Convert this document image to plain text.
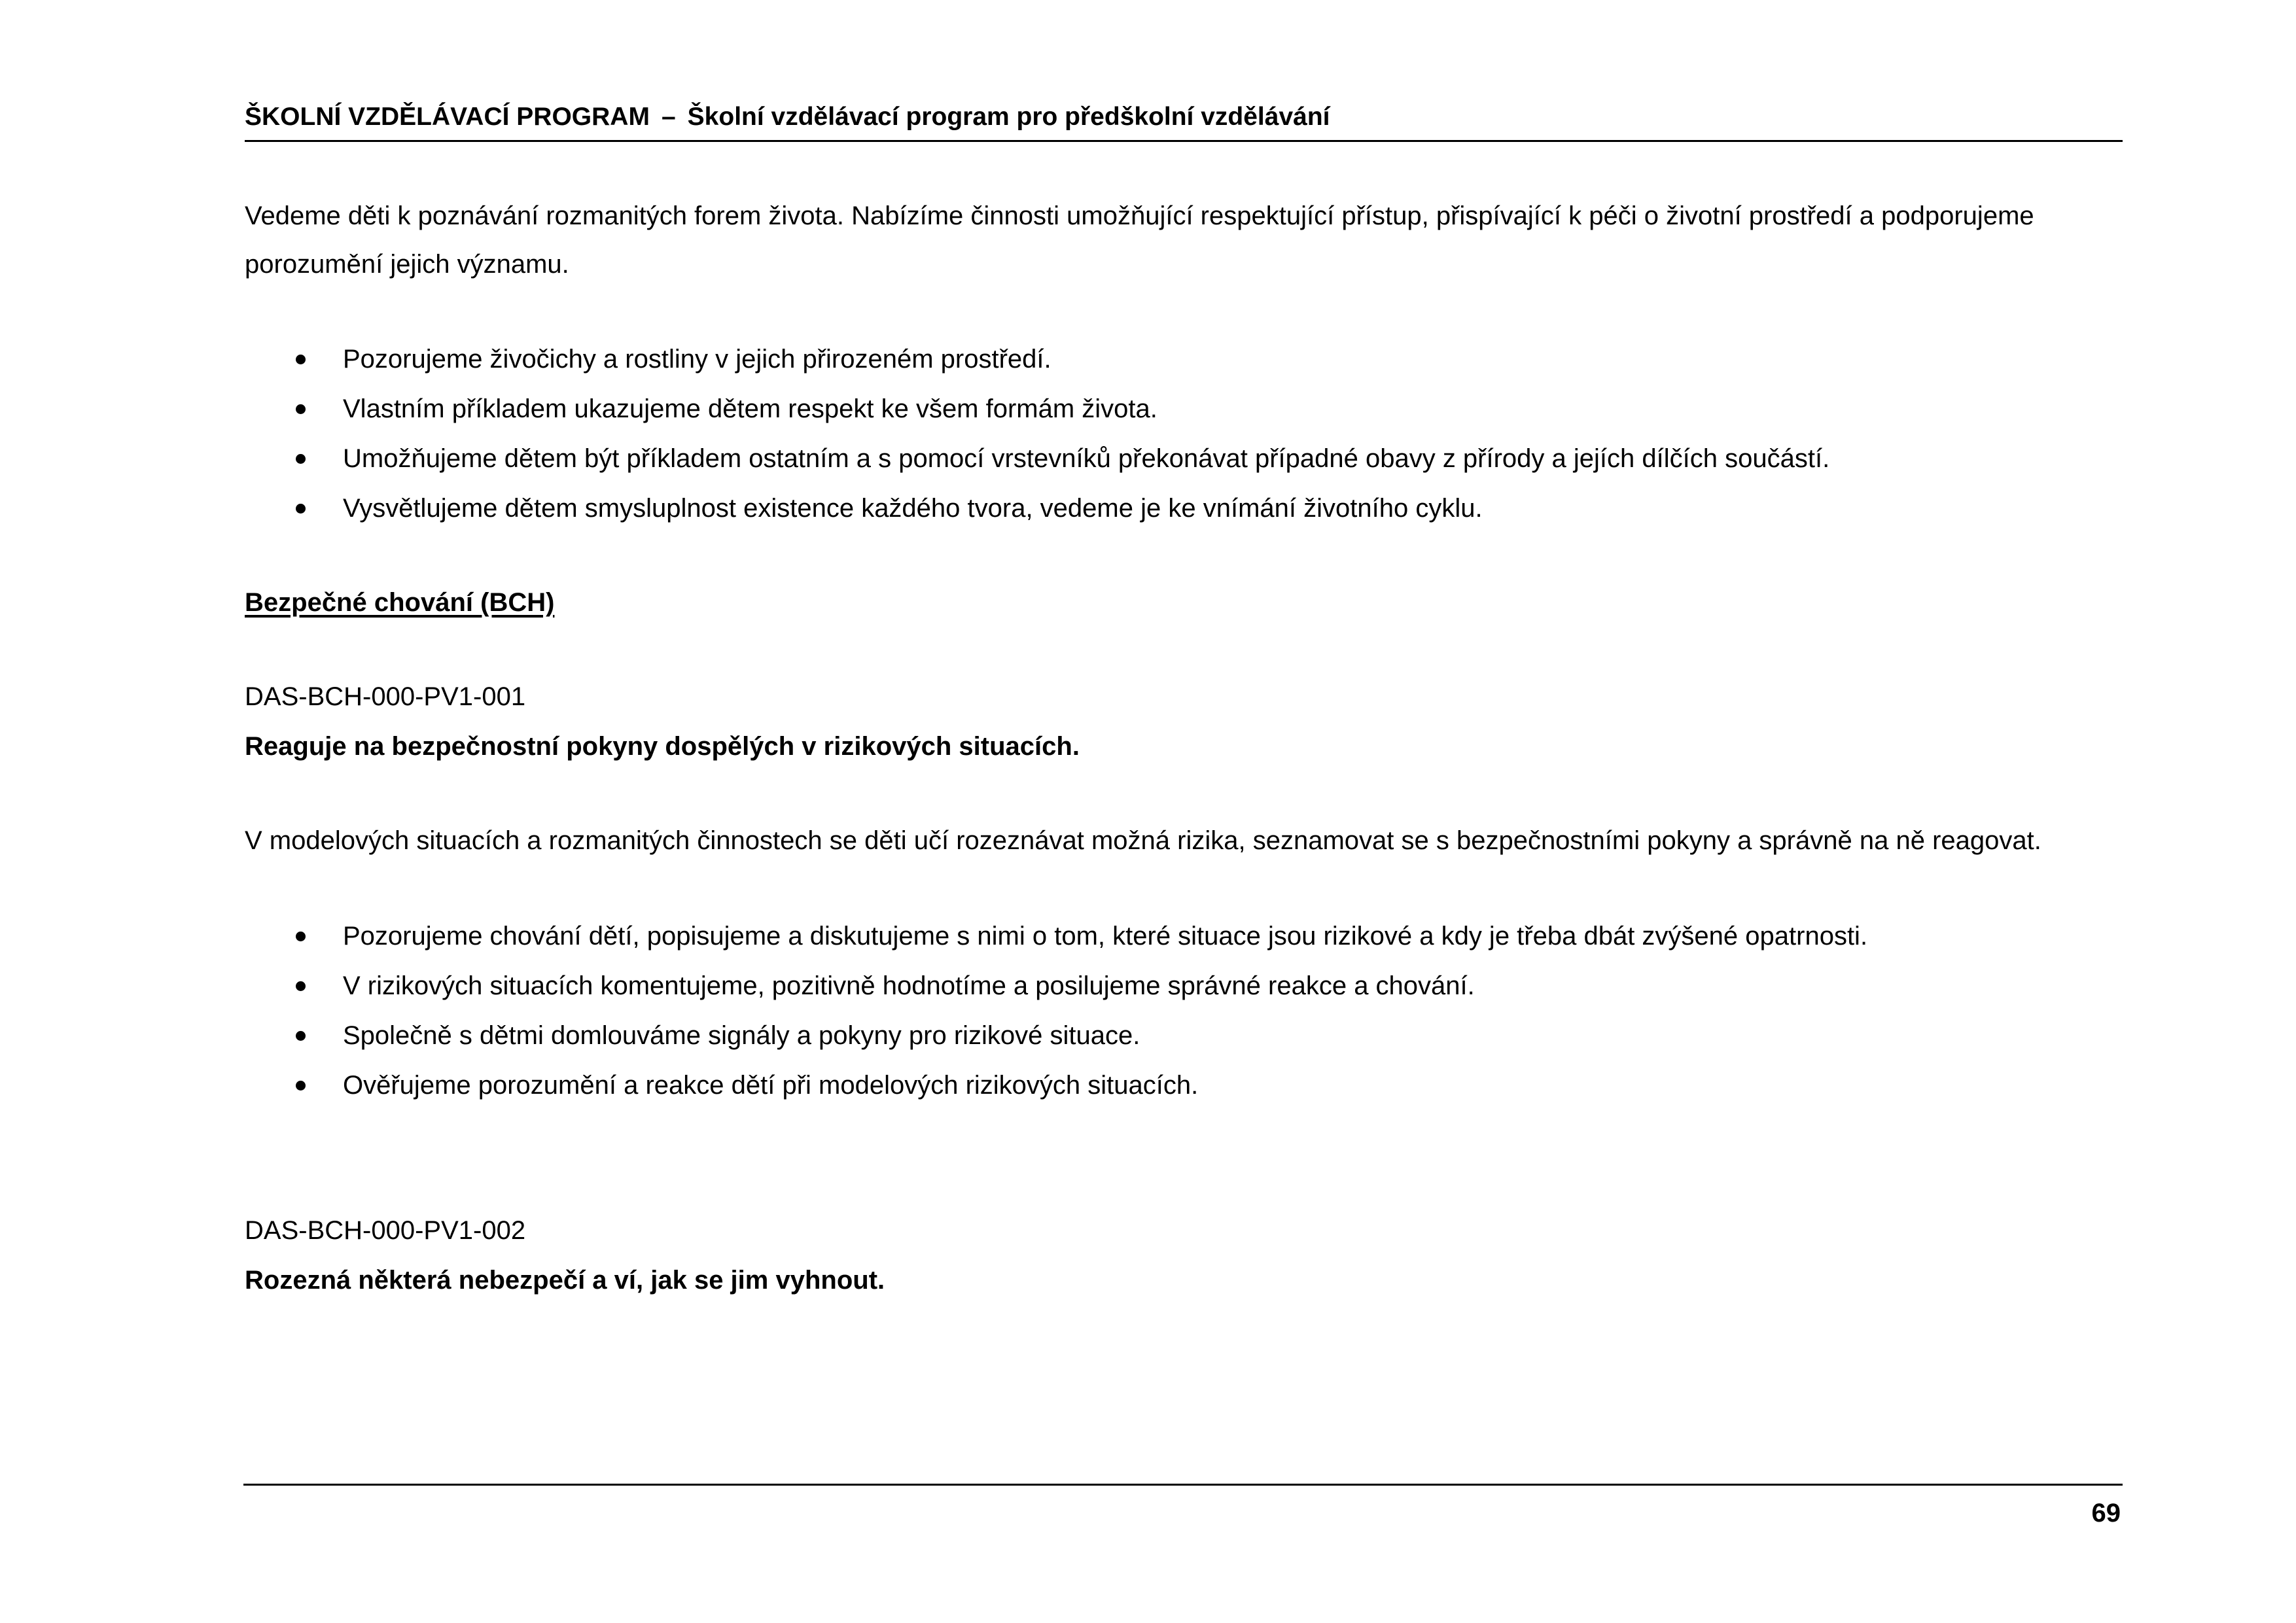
ŠKOLNÍ VZDĚLÁVACÍ PROGRAM – Školní vzdělávací program pro předškolní vzdělávání

Vedeme děti k poznávání rozmanitých forem života. Nabízíme činnosti umožňující respektující přístup, přispívající k péči o životní prostředí a podporujeme porozumění jejich významu.

Pozorujeme živočichy a rostliny v jejich přirozeném prostředí.
Vlastním příkladem ukazujeme dětem respekt ke všem formám života.
Umožňujeme dětem být příkladem ostatním a s pomocí vrstevníků překonávat případné obavy z přírody a jejích dílčích součástí.
Vysvětlujeme dětem smysluplnost existence každého tvora, vedeme je ke vnímání životního cyklu.
Bezpečné chování (BCH)
DAS-BCH-000-PV1-001
Reaguje na bezpečnostní pokyny dospělých v rizikových situacích.

V modelových situacích a rozmanitých činnostech se děti učí rozeznávat možná rizika, seznamovat se s bezpečnostními pokyny a správně na ně reagovat.

Pozorujeme chování dětí, popisujeme a diskutujeme s nimi o tom, které situace jsou rizikové a kdy je třeba dbát zvýšené opatrnosti.
V rizikových situacích komentujeme, pozitivně hodnotíme a posilujeme správné reakce a chování.
Společně s dětmi domlouváme signály a pokyny pro rizikové situace.
Ověřujeme porozumění a reakce dětí při modelových rizikových situacích.
DAS-BCH-000-PV1-002
Rozezná některá nebezpečí a ví, jak se jim vyhnout.
69
